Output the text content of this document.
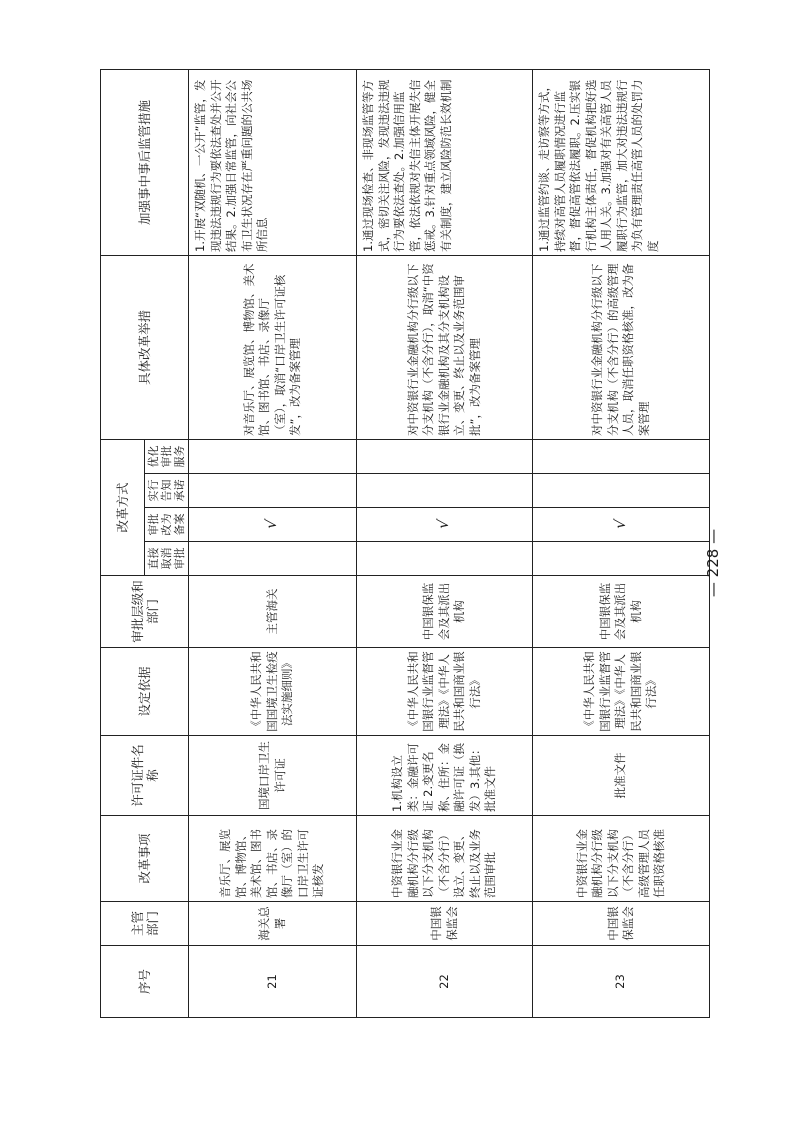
序号	主管部门	改革事项	许可证件名称	设定依据	审批层级和部门	改革方式				具体改革举措	加强事中事后监管措施
						直接取消审批	审批改为备案	实行告知承诺	优化审批服务		
21	海关总署	音乐厅、展览馆、博物馆、美术馆、图书馆、书店、录像厅（室）的口岸卫生许可证核发	国境口岸卫生许可证	《中华人民共和国国境卫生检疫法实施细则》	主管海关		√			对音乐厅、展览馆、博物馆、美术馆、图书馆、书店、录像厅（室），取消“口岸卫生许可证核发”，改为备案管理	1.开展“双随机、一公开”监管，发现违法违规行为要依法查处并公开结果。2.加强日常监管，向社会公布卫生状况存在严重问题的公共场所信息
22	中国银保监会	中资银行业金融机构分行级以下分支机构（不含分行）设立、变更、终止以及业务范围审批	1.机构设立类：金融许可证 2.变更名称、住所：金融许可证（换发）3.其他：批准文件	《中华人民共和国银行业监督管理法》《中华人民共和国商业银行法》	中国银保监会及其派出机构		√			对中资银行业金融机构分行级以下分支机构（不含分行），取消“中资银行业金融机构及其分支机构设立、变更、终止以及业务范围审批”，改为备案管理	1.通过现场检查、非现场监管等方式，密切关注风险，发现违法违规行为要依法查处。2.加强信用监管，依法依规对失信主体开展失信惩戒。3.针对重点领域风险，健全有关制度，建立风险防范长效机制
23	中国银保监会	中资银行业金融机构分行级以下分支机构（不含分行）高级管理人员任职资格核准	批准文件	《中华人民共和国银行业监督管理法》《中华人民共和国商业银行法》	中国银保监会及其派出机构		√			对中资银行业金融机构分行级以下分支机构（不含分行）的高级管理人员，取消任职资格核准，改为备案管理	1.通过监管约谈、走访察等方式，持续对高管人员履职情况进行监督，督促高管依法履职。2.压实银行机构主体责任，督促机构把好选人用人关。3.加强对有关高管人员履职行为监管，加大对违法违规行为负有管理责任高管人员的处罚力度
— 228 —
